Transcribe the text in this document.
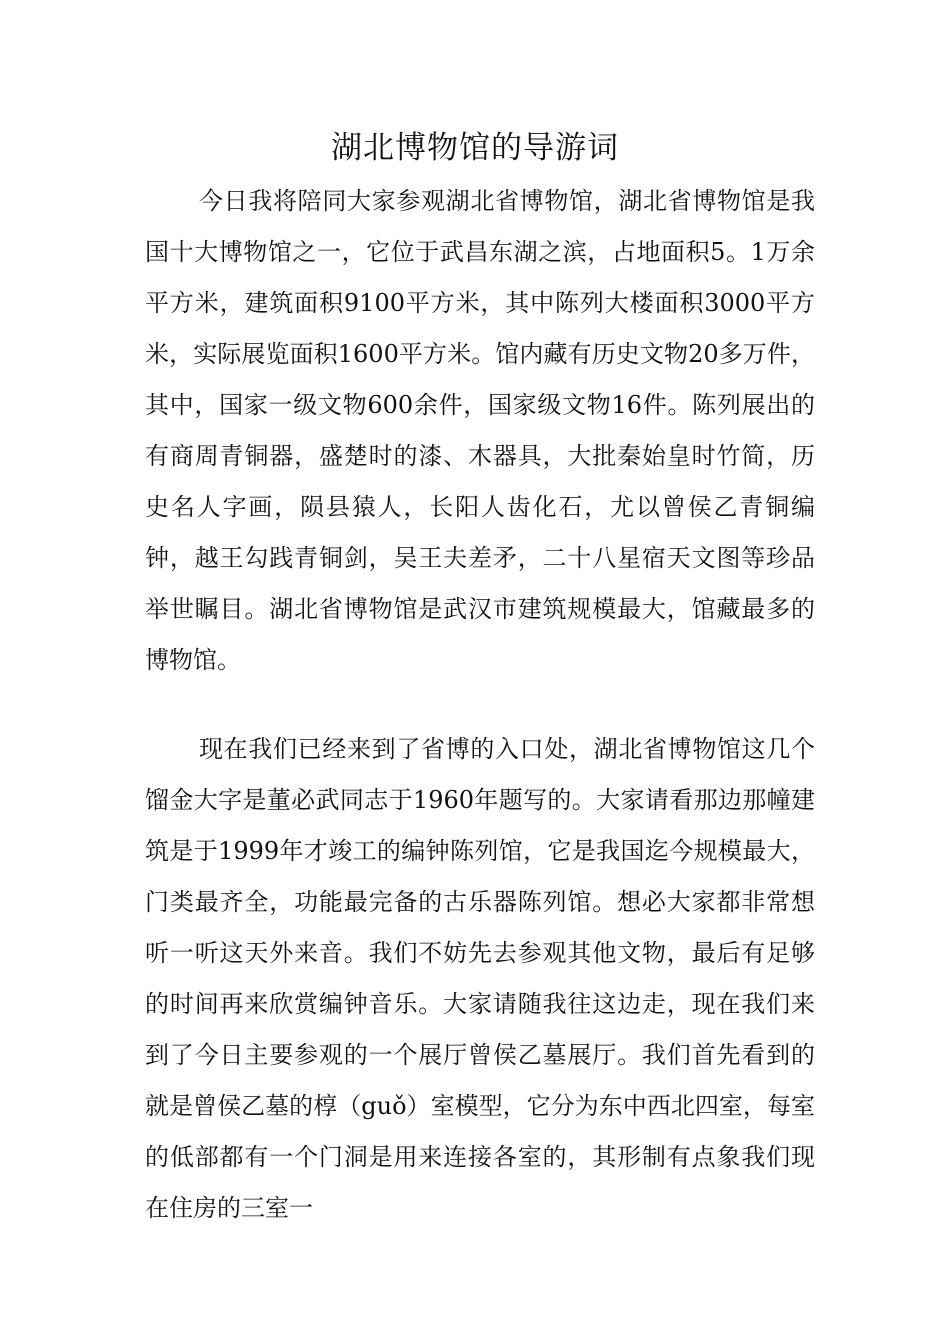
湖北博物馆的导游词

今日我将陪同大家参观湖北省博物馆，湖北省博物馆是我国十大博物馆之一，它位于武昌东湖之滨，占地面积5。1万余平方米，建筑面积9100平方米，其中陈列大楼面积3000平方米，实际展览面积1600平方米。馆内藏有历史文物20多万件，其中，国家一级文物600余件，国家级文物16件。陈列展出的有商周青铜器，盛楚时的漆、木器具，大批秦始皇时竹简，历史名人字画，陨县猿人，长阳人齿化石，尤以曾侯乙青铜编钟，越王勾践青铜剑，吴王夫差矛，二十八星宿天文图等珍品举世瞩目。湖北省博物馆是武汉市建筑规模最大，馆藏最多的博物馆。

现在我们已经来到了省博的入口处，湖北省博物馆这几个馏金大字是董必武同志于1960年题写的。大家请看那边那幢建筑是于1999年才竣工的编钟陈列馆，它是我国迄今规模最大，门类最齐全，功能最完备的古乐器陈列馆。想必大家都非常想听一听这天外来音。我们不妨先去参观其他文物，最后有足够的时间再来欣赏编钟音乐。大家请随我往这边走，现在我们来到了今日主要参观的一个展厅曾侯乙墓展厅。我们首先看到的就是曾侯乙墓的椁（guǒ）室模型，它分为东中西北四室，每室的低部都有一个门洞是用来连接各室的，其形制有点象我们现在住房的三室一
